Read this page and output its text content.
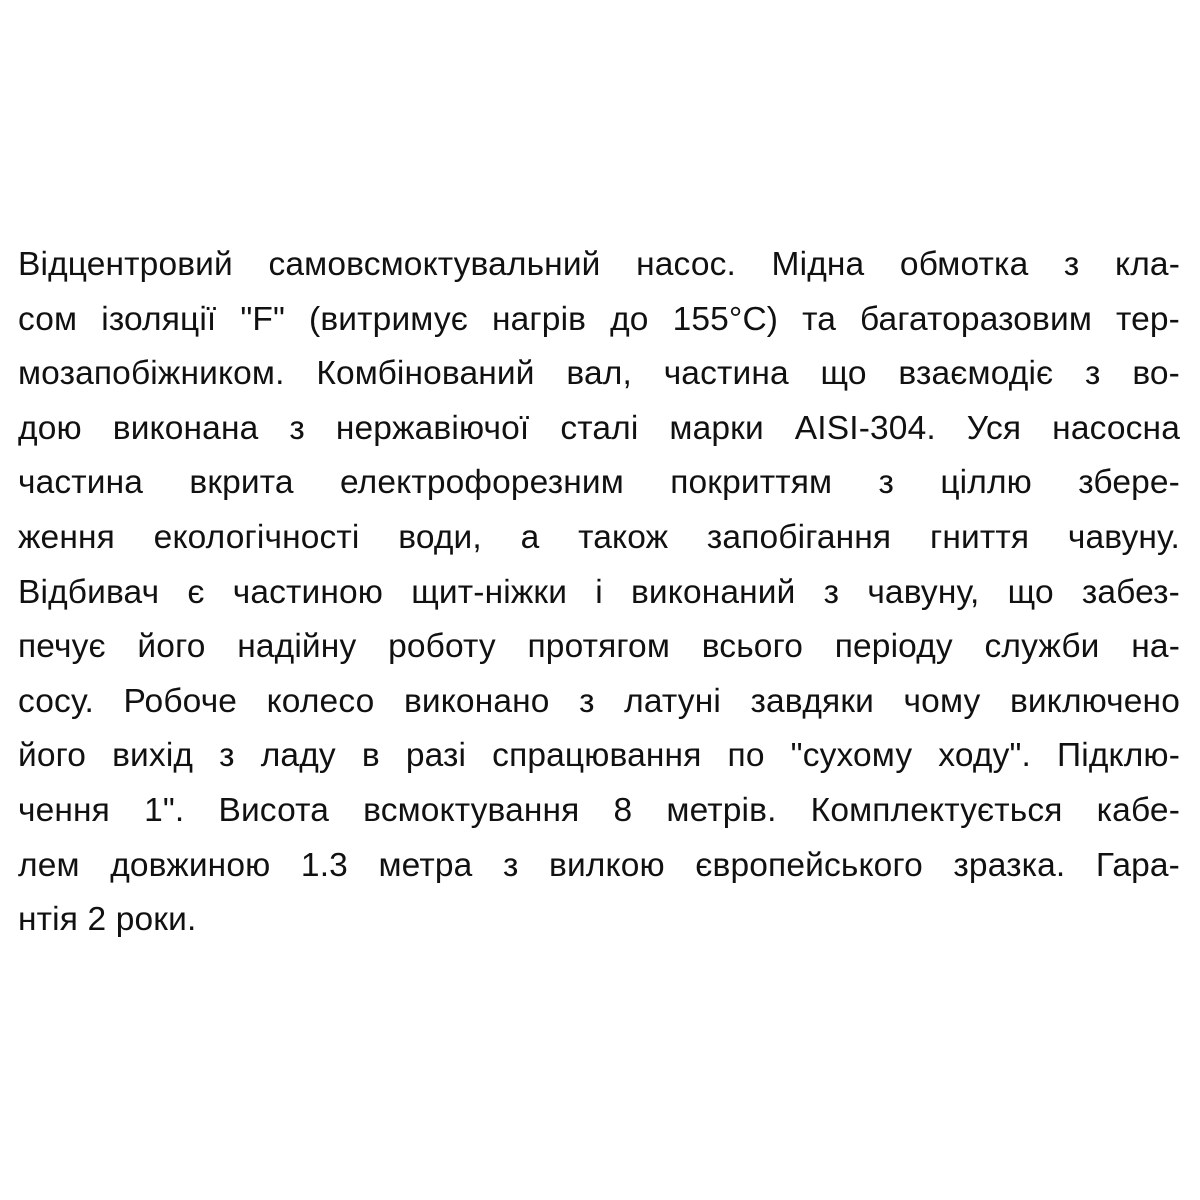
Відцентровий самовсмоктувальний насос. Мідна обмотка з кла-
сом ізоляції "F" (витримує нагрів до 155°C) та багаторазовим тер-
мозапобіжником. Комбінований вал, частина що взаємодіє з во-
дою виконана з нержавіючої сталі марки AISI-304. Уся насосна
частина вкрита електрофорезним покриттям з ціллю збере-
ження екологічності води, а також запобігання гниття чавуну.
Відбивач є частиною щит-ніжки і виконаний з чавуну, що забез-
печує його надійну роботу протягом всього періоду служби на-
сосу. Робоче колесо виконано з латуні завдяки чому виключено
його вихід з ладу в разі спрацювання по "сухому ходу". Підклю-
чення 1". Висота всмоктування 8 метрів. Комплектується кабе-
лем довжиною 1.3 метра з вилкою європейського зразка. Гара-
нтія 2 роки.
